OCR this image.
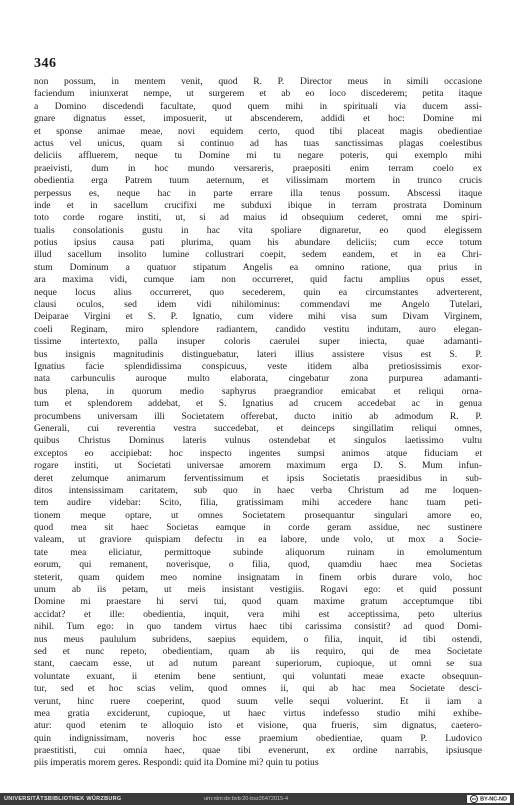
346
non possum, in mentem venit, quod R. P. Director meus in simili occasione
faciendum iniunxerat nempe, ut surgerem et ab eo loco discederem; petita itaque
a Domino discedendi facultate, quod quem mihi in spirituali via ducem assi-
gnare dignatus esset, imposuerit, ut abscenderem, addidi et hoc: Domine mi
et sponse animae meae, novi equidem certo, quod tibi placeat magis obedientiae
actus vel unicus, quam si continuo ad has tuas sanctissimas plagas coelestibus
deliciis affluerem, neque tu Domine mi tu negare poteris, qui exemplo mihi
praeivisti, dum in hoc mundo versareris, praepositi enim terram coelo ex
obedientia erga Patrem tuum aeternum, et vilissimam mortem in trunco crucis
perpessus es, neque hac in parte errare illa tenus possum. Abscessi itaque
inde et in sacellum crucifixi me subduxi ibique in terram prostrata Dominum
toto corde rogare institi, ut, si ad maius id obsequium cederet, omni me spiri-
tualis consolationis gustu in hac vita spoliare dignaretur, eo quod elegissem
potius ipsius causa pati plurima, quam his abundare deliciis; cum ecce totum
illud sacellum insolito lumine collustrari coepit, sedem eandem, et in ea Chri-
stum Dominum a quatuor stipatum Angelis ea omnino ratione, qua prius in
ara maxima vidi, cumque iam non occurreret, quid factu amplius opus esset,
neque locus alius occurreret, quo secederem, quin ea circumstantes adverterent,
clausi oculos, sed idem vidi nihilominus: commendavi me Angelo Tutelari,
Deiparae Virgini et S. P. Ignatio, cum videre mihi visa sum Divam Virginem,
coeli Reginam, miro splendore radiantem, candido vestitu indutam, auro elegan-
tissime intertexto, palla insuper coloris caerulei super iniecta, quae adamanti-
bus insignis magnitudinis distinguebatur, lateri illius assistere visus est S. P.
Ignatius facie splendidissima conspicuus, veste itidem alba pretiosissimis exor-
nata carbunculis auroque multo elaborata, cingebatur zona purpurea adamanti-
bus plena, in quorum medio saphyrus praegrandior emicabat et reliqui orna-
tum et splendorem addebat, et S. Ignatius ad crucem accedebat ac in genua
procumbens universam illi Societatem offerebat, ducto initio ab admodum R. P.
Generali, cui reverentia vestra succedebat, et deinceps singillatim reliqui omnes,
quibus Christus Dominus lateris vulnus ostendebat et singulos laetissimo vultu
exceptos eo accipiebat: hoc inspecto ingentes sumpsi animos atque fiduciam et
rogare institi, ut Societati universae amorem maximum erga D. S. Mum infun-
deret zelumque animarum ferventissimum et ipsis Societatis praesidibus in sub-
ditos intensissimam caritatem, sub quo in haec verba Christum ad me loquen-
tem audire videbar: Scito, filia, gratissimam mihi accedere hanc tuam peti-
tionem meque optare, ut omnes Societatem prosequantur singulari amore eo,
quod mea sit haec Societas eamque in corde geram assidue, nec sustinere
valeam, ut graviore quispiam defectu in ea labore, unde volo, ut mox a Socie-
tate mea eliciatur, permittoque subinde aliquorum ruinam in emolumentum
eorum, qui remanent, noverisque, o filia, quod, quamdiu haec mea Societas
steterit, quam quidem meo nomine insignatam in finem orbis durare volo, hoc
unum ab iis petam, ut meis insistant vestigiis. Rogavi ego: et quid possunt
Domine mi praestare hi servi tui, quod quam maxime gratum acceptumque tibi
accidat? et ille: obedientia, inquit, vera mihi est acceptissima, peto ulterius
nihil. Tum ego: in quo tandem virtus haec tibi carissima consistit? ad quod Domi-
nus meus paululum subridens, saepius equidem, o filia, inquit, id tibi ostendi,
sed et nunc repeto, obedientiam, quam ab iis requiro, qui de mea Societate
stant, caecam esse, ut ad nutum pareant superiorum, cupioque, ut omni se sua
voluntate exuant, ii etenim bene sentiunt, qui voluntati meae exacte obsequun-
tur, sed et hoc scias velim, quod omnes ii, qui ab hac mea Societate desci-
verunt, hinc ruere coeperint, quod suum velle sequi voluerint. Et ii iam a
mea gratia exciderunt, cupioque, ut haec virtus indefesso studio mihi exhibe-
atur: quod etenim te alloquio isto et visione, qua frueris, sim dignatus, caetero-
quin indignissimam, noveris hoc esse praemium obedientiae, quam P. Ludovico
praestitisti, cui omnia haec, quae tibi evenerunt, ex ordine narrabis, ipsiusque
piis imperatis morem geres. Respondi: quid ita Domine mi? quin tu potius
UNIVERSITÄTSBIBLIOTHEK WÜRZBURG	urn:nbn:de:bvb:20-bsz26472015-4	cc BY-NC-ND
